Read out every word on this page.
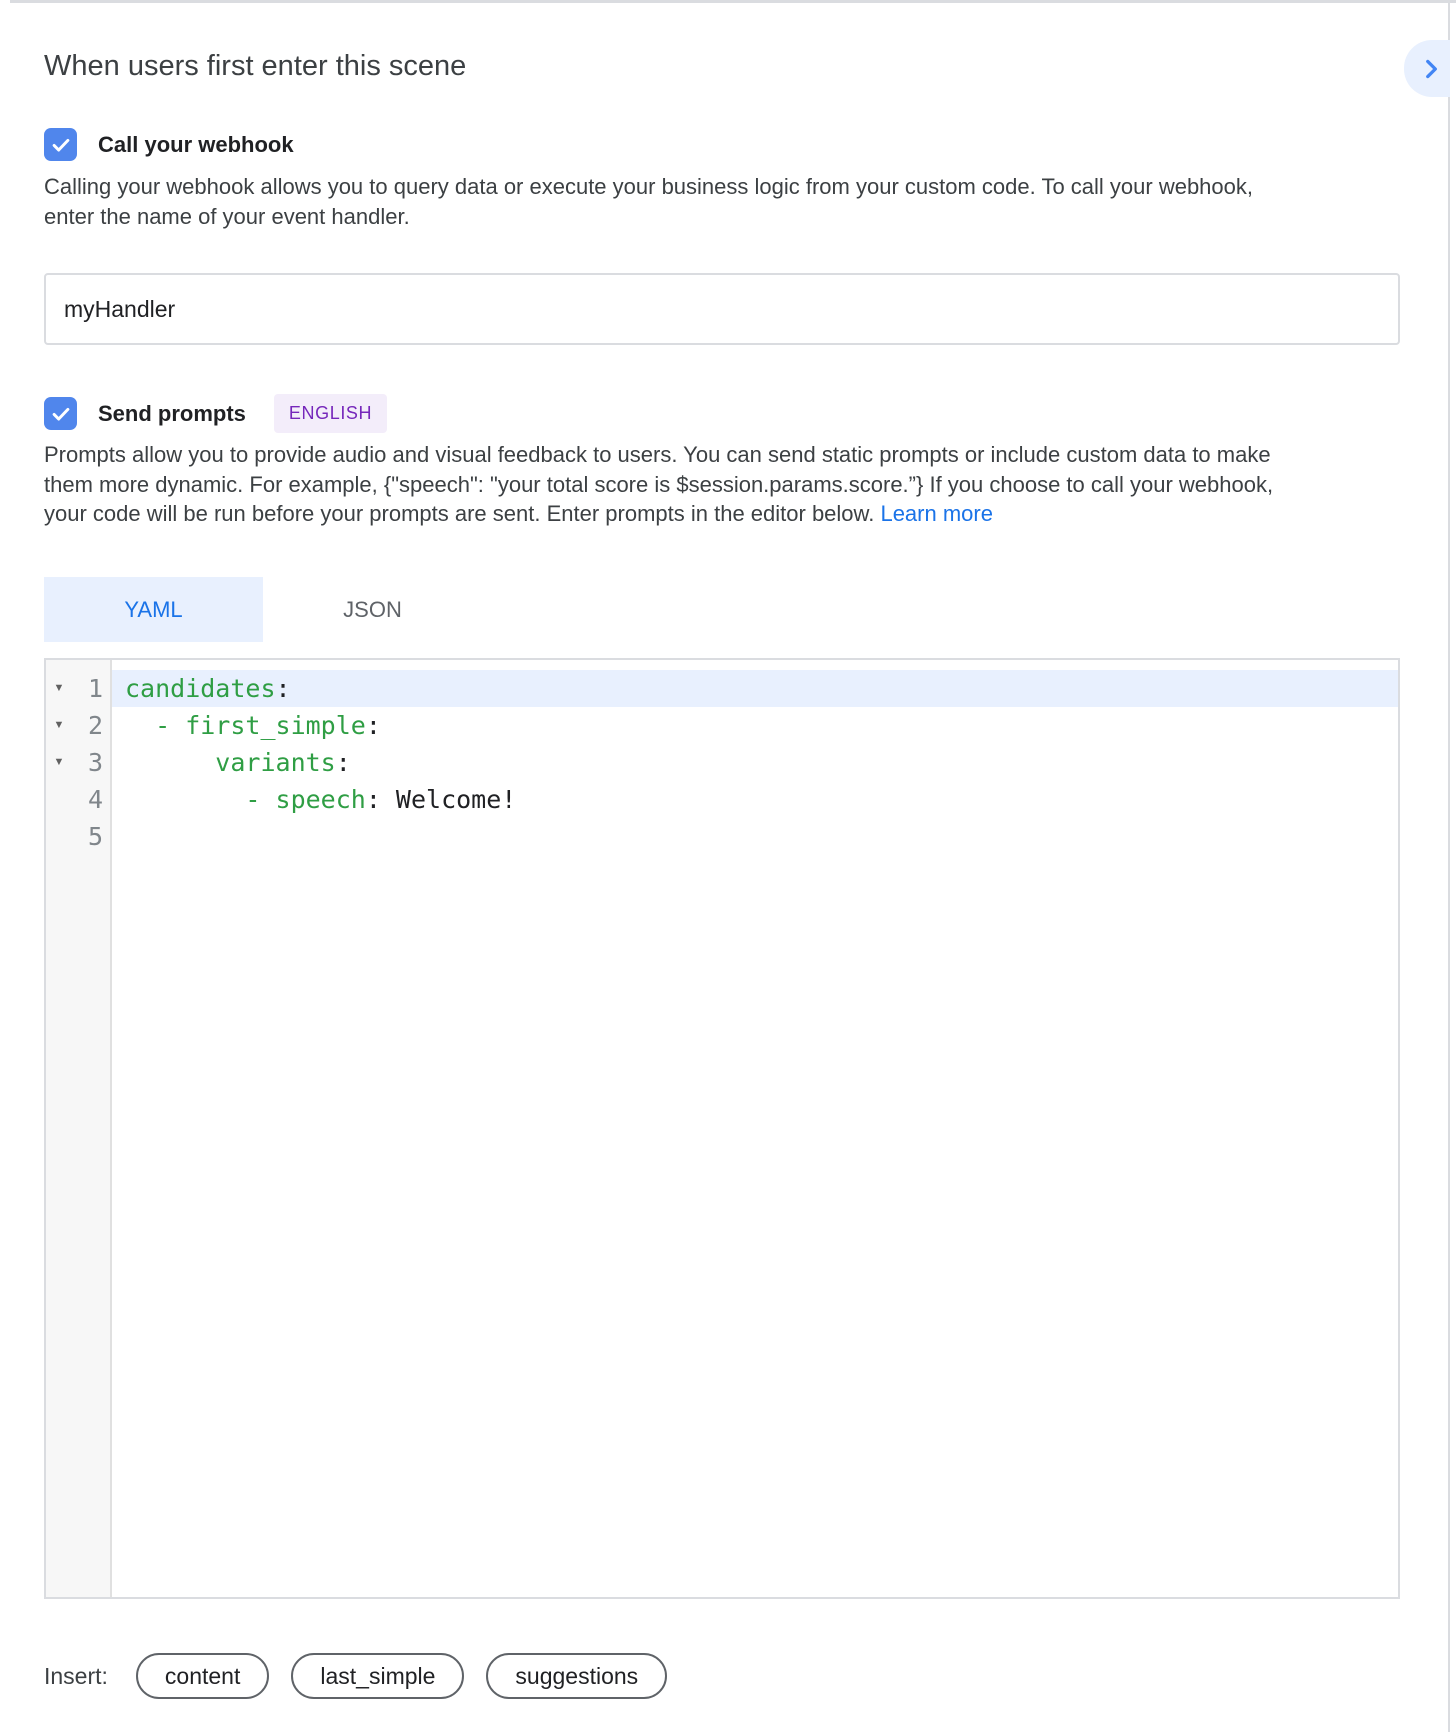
When users first enter this scene
Call your webhook
Calling your webhook allows you to query data or execute your business logic from your custom code. To call your webhook,
enter the name of your event handler.
myHandler
Send prompts	ENGLISH
Prompts allow you to provide audio and visual feedback to users. You can send static prompts or include custom data to make
them more dynamic. For example, {"speech": "your total score is $session.params.score.”} If you choose to call your webhook,
your code will be run before your prompts are sent. Enter prompts in the editor below. Learn more
YAML	JSON
▼
▼
▼
1
2
3
4
5
candidates:
- first_simple:
variants:
- speech: Welcome!
Insert:	content	last_simple	suggestions
